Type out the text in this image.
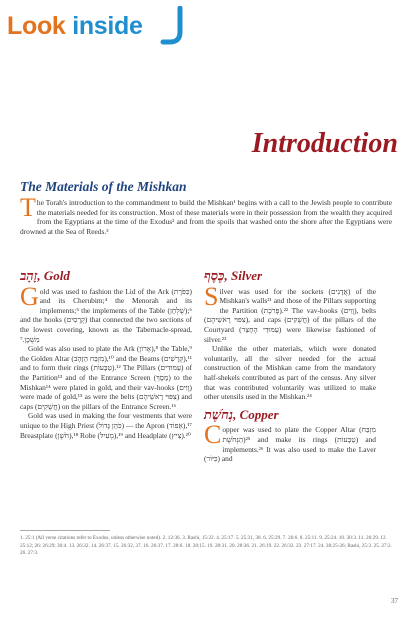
Look inside
Introduction
The Materials of the Mishkan
The Torah's introduction to the commandment to build the Mishkan¹ begins with a call to the Jewish people to contribute the materials needed for its construction. Most of these materials were in their possession from the wealth they acquired from the Egyptians at the time of the Exodus² and from the spoils that washed onto the shore after the Egyptians were drowned at the Sea of Reeds.³
זָהָב, Gold

Gold was used to fashion the Lid of the Ark (כַּפֹּרֶת) and its Cherubim;⁴ the Menorah and its implements;⁵ the implements of the Table (שֻׁלְחָן);⁶ and the hooks (קְרָסִים) that connected the two sections of the lowest covering, known as the Tabernacle-spread, מִשְׁכָּן.⁷

Gold was also used to plate the Ark (אָרוֹן),⁸ the Table,⁹ the Golden Altar (מִזְבַּח הַזָּהָב),¹⁰ and the Beams (קְרָשִׁים),¹¹ and to form their rings (טַבָּעוֹת).¹² The Pillars (עַמּוּדִים) of the Partition¹³ and of the Entrance Screen (מָסָךְ) to the Mishkan¹⁴ were plated in gold, and their vav-hooks (וָוִים) were made of gold,¹⁵ as were the belts (צִפּוּי רָאשֵׁיהֶם) and caps (חֲשֻׁקִים) on the pillars of the Entrance Screen.¹⁶

Gold was used in making the four vestments that were unique to the High Priest (כֹּהֵן גָּדוֹל) — the Apron (אֵפוֹד),¹⁷ Breastplate (חֹשֶׁן),¹⁸ Robe (מְעִיל),¹⁹ and Headplate (צִיץ).²⁰

כֶּסֶף, Silver

Silver was used for the sockets (אֲדָנִים) of the Mishkan's walls²¹ and those of the Pillars supporting the Partition (פָּרֹכֶת).²² The vav-hooks (וָוִים), belts (צִפּוּי רָאשֵׁיהֶם), and caps (חֲשֻׁקִים) of the pillars of the Courtyard (עַמּוּדֵי הֶחָצֵר) were likewise fashioned of silver.²³

Unlike the other materials, which were donated voluntarily, all the silver needed for the actual construction of the Mishkan came from the mandatory half-shekels contributed as part of the census. Any silver that was contributed voluntarily was utilized to make other utensils used in the Mishkan.²⁴

נְחֹשֶׁת, Copper

Copper was used to plate the Copper Altar (מִזְבַּח הַנְּחֹשֶׁת)²⁵ and make its rings (טַבָּעוֹת) and implements.²⁶ It was also used to make the Laver (כִּיּוֹר) and

1. 25:1 (All verse citations refer to Exodus, unless otherwise noted). 2. 12:36. 3. Rashi, 15:22. 4. 25:17. 5. 25:31, 38. 6. 25:29. 7. 26:6. 8. 25:11. 9. 25:24. 10. 30:3. 11. 26:29. 12. 25:12; 26: 26:29; 30:4. 13. 26:32. 14. 26:37. 15. 26:32, 37. 16. 26:37. 17. 28:6. 18. 28:15. 19. 28:31. 20. 28:36. 21. 26:19. 22. 26:32. 23. 27:17. 24. 38:25-26; Rashi, 25:3. 25. 27:2. 26. 27:3.
37
